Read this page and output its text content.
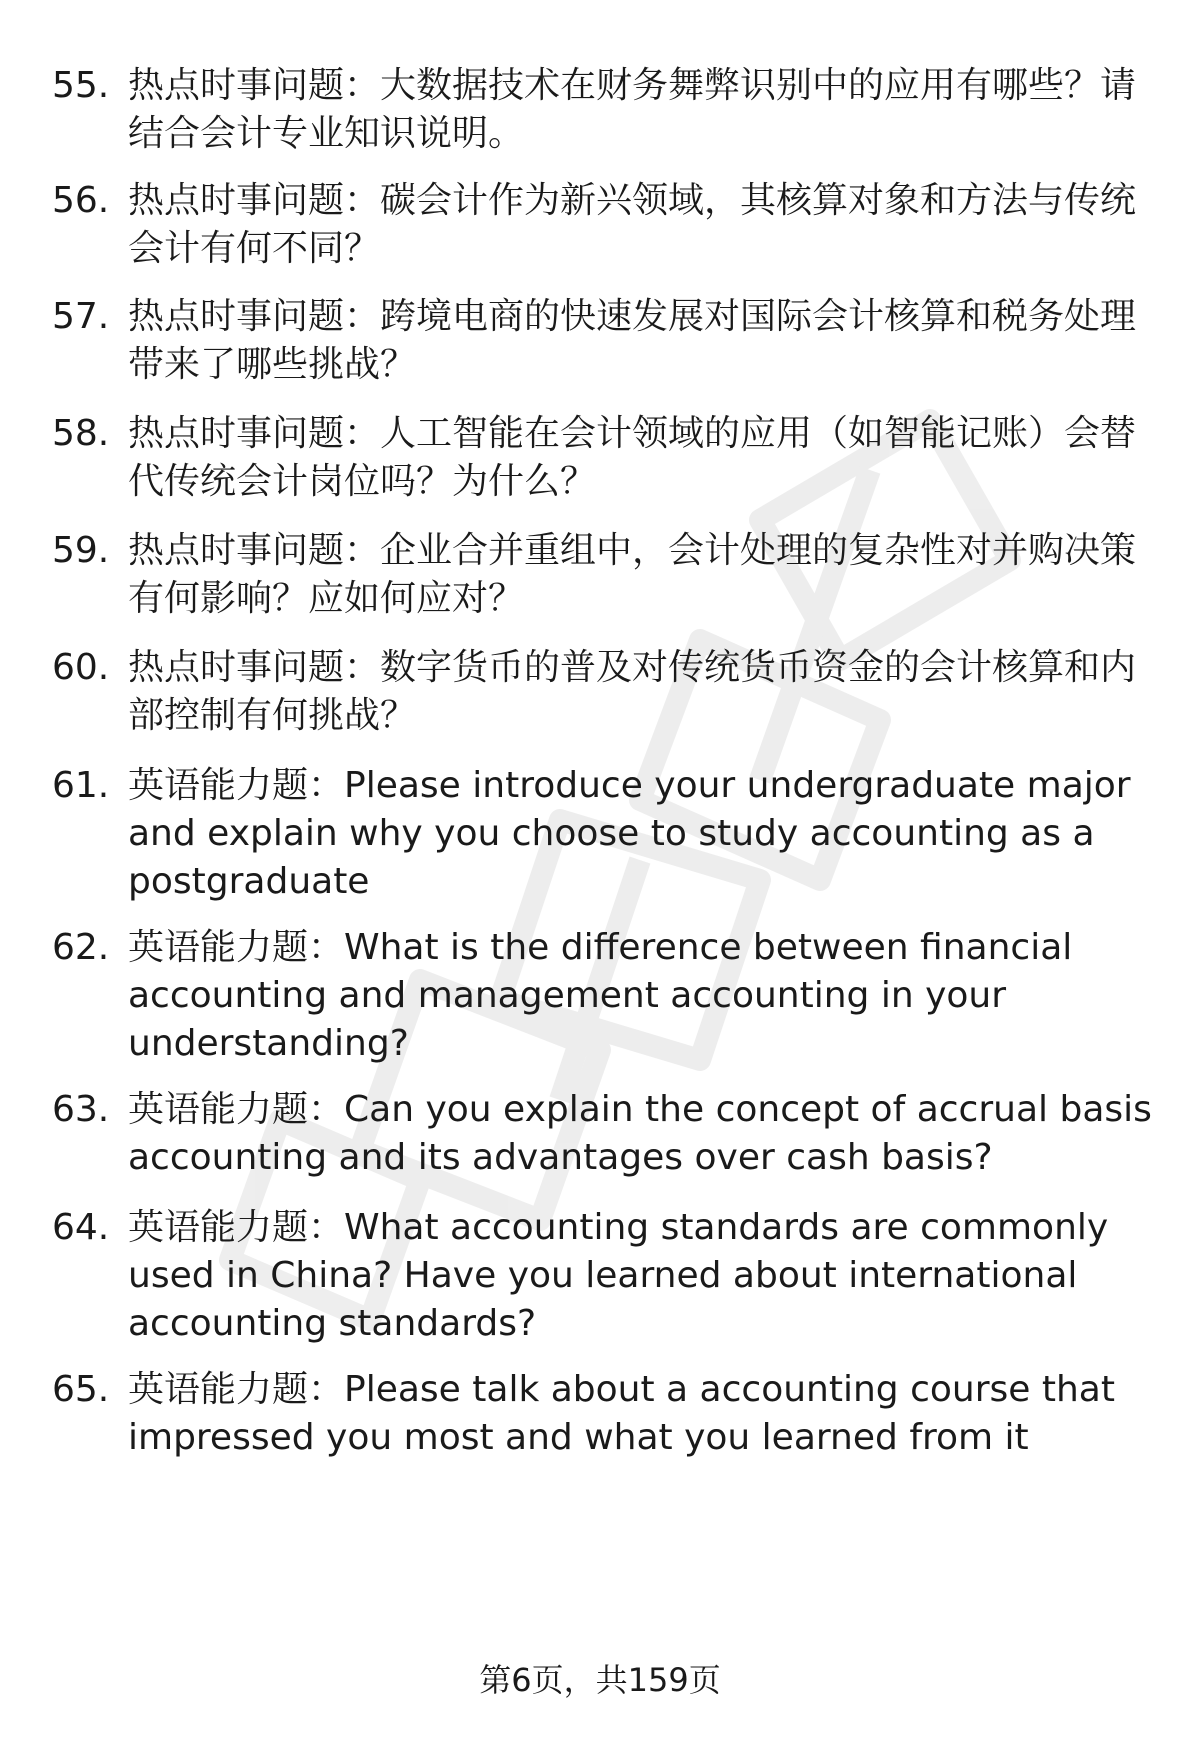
55. 热点时事问题：大数据技术在财务舞弊识别中的应用有哪些？请
结合会计专业知识说明。
56. 热点时事问题：碳会计作为新兴领域，其核算对象和方法与传统
会计有何不同？
57. 热点时事问题：跨境电商的快速发展对国际会计核算和税务处理
带来了哪些挑战？
58. 热点时事问题：人工智能在会计领域的应用（如智能记账）会替
代传统会计岗位吗？为什么？
59. 热点时事问题：企业合并重组中，会计处理的复杂性对并购决策
有何影响？应如何应对？
60. 热点时事问题：数字货币的普及对传统货币资金的会计核算和内
部控制有何挑战？
61. 英语能力题：Please introduce your undergraduate major
and explain why you choose to study accounting as a
postgraduate
62. 英语能力题：What is the difference between financial
accounting and management accounting in your
understanding?
63. 英语能力题：Can you explain the concept of accrual basis
accounting and its advantages over cash basis?
64. 英语能力题：What accounting standards are commonly
used in China? Have you learned about international
accounting standards?
65. 英语能力题：Please talk about a accounting course that
impressed you most and what you learned from it
第6页，共159页
